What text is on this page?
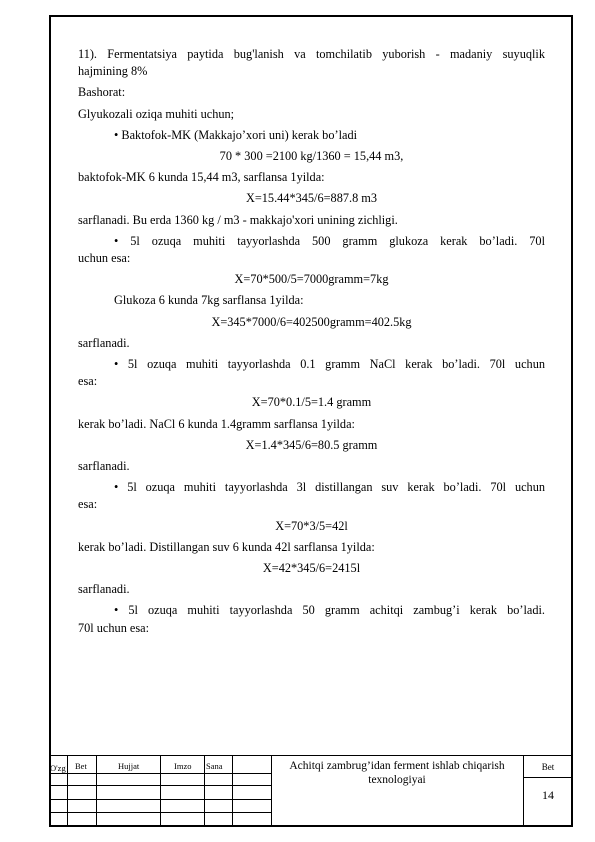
11). Fermentatsiya paytida bug'lanish va tomchilatib yuborish - madaniy suyuqlik

hajmining 8%

Bashorat:

Glyukozali oziqa muhiti uchun;

• Baktofok-MK (Makkajo’xori uni) kerak bo’ladi

70 * 300 =2100 kg/1360 = 15,44 m3,

baktofok-MK 6 kunda 15,44 m3, sarflansa 1yilda:

X=15.44*345/6=887.8 m3

sarflanadi. Bu erda 1360 kg / m3 - makkajo'xori unining zichligi.

• 5l ozuqa muhiti tayyorlashda 500 gramm glukoza kerak bo’ladi. 70l

uchun esa:

X=70*500/5=7000gramm=7kg

Glukoza 6 kunda 7kg sarflansa 1yilda:

X=345*7000/6=402500gramm=402.5kg

sarflanadi.

• 5l ozuqa muhiti tayyorlashda 0.1 gramm NaCl kerak bo’ladi. 70l uchun

esa:

X=70*0.1/5=1.4 gramm

kerak bo’ladi. NaCl 6 kunda 1.4gramm sarflansa 1yilda:

X=1.4*345/6=80.5 gramm

sarflanadi.

• 5l ozuqa muhiti tayyorlashda 3l distillangan suv kerak bo’ladi. 70l uchun

esa:

X=70*3/5=42l

kerak bo’ladi. Distillangan suv 6 kunda 42l sarflansa 1yilda:

X=42*345/6=2415l

sarflanadi.

• 5l ozuqa muhiti tayyorlashda 50 gramm achitqi zambug’i kerak bo’ladi.

70l uchun esa:

O'zg Bet	Hujjat	Imzo Sana	Achitqi zambrug’idan ferment ishlab chiqarish texnologiyai
Bet
14
